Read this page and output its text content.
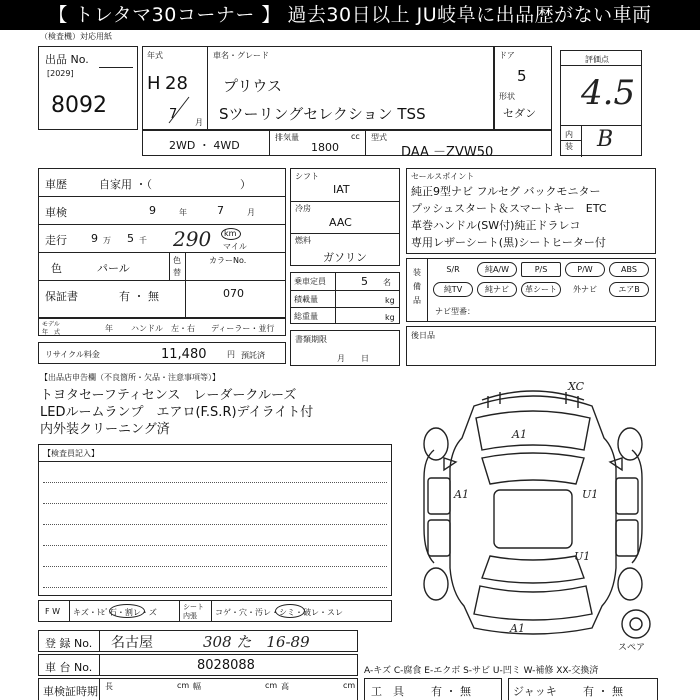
【 トレタマ30コーナー 】 過去30日以上 JU岐阜に出品歴がない車両
（検査機）対応用紙
出品 No.
[2029]
8092
年式
H 28
7
月
車名・グレード
プリウス
Sツーリングセレクション TSS
ドア
5
形状
セダン
評価点
4.5
内
装 B
2WD ・ 4WD
排気量	cc
1800
型式
DAA －ZVW50
車歴	自家用 ・（　　　　　　　　）
車検	9	年	7	月
走行 9 万 5 千 290 km
マイル
色	パール
色
替
カラーNo.
070
保証書	有 ・ 無
モデル
年　式	年 ハンドル　左・右 ディーラー・並行
リサイクル料金	11,480	円 預託済
シフト
IAT
冷房
AAC
燃料
ガソリン
乗車定員	5 名
積載量	kg
総重量	kg
書類期限
月　　日
セールスポイント
純正9型ナビ フルセグ バックモニター
プッシュスタート＆スマートキー　ETC
革巻ハンドル(SW付)純正ドラレコ
専用レザーシート(黒)シートヒーター付
装
備
品
S/R	純A/W	P/S	P/W	ABS
純TV	純ナビ	革シート	外ナビ	エアB
ナビ型番：
後日品
【出品店申告欄（不良箇所・欠品・注意事項等）】
トヨタセーフティセンス　レーダークルーズ
LEDルームランプ　エアロ(F.S.R)デイライト付
内外装クリーニング済
【検査員記入】
XC
A1
A1	U1
U1
A1
スペア
F W キズ・ﾄﾋﾞ石・割レ・ズ
シート
内張 コゲ・穴・汚レ・シミ・破レ・スレ
登 録 No. 名古屋	308 た　16-89
車 台 No.	8028088	A-キズ C-腐食 E-エクボ S-サビ U-凹ミ W-補修 XX-交換済
車検証時期 長	cm 幅	cm 高	cm 工　具 有 ・ 無	ジャッキ 有 ・ 無
